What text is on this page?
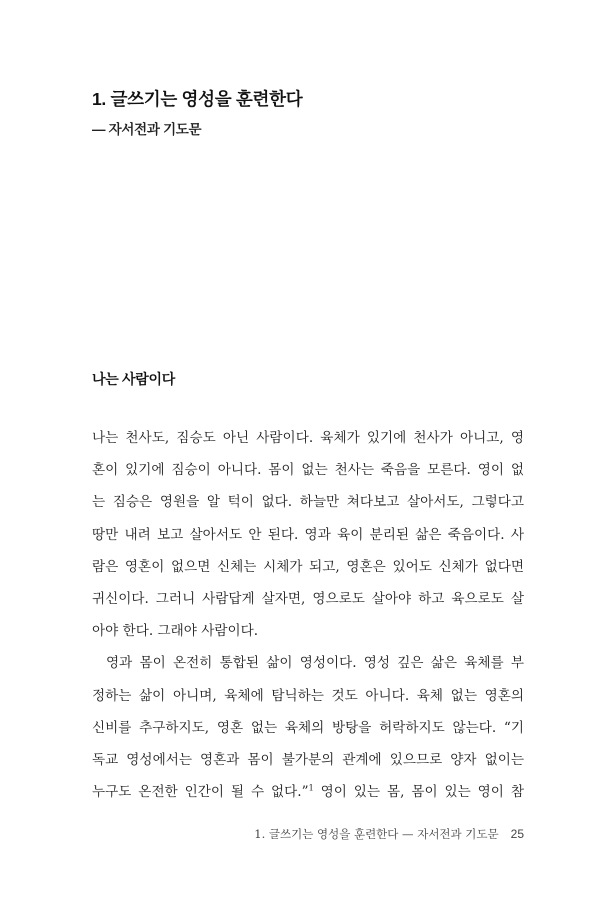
1. 글쓰기는 영성을 훈련한다
— 자서전과 기도문
나는 사람이다
나는 천사도, 짐승도 아닌 사람이다. 육체가 있기에 천사가 아니고, 영
혼이 있기에 짐승이 아니다. 몸이 없는 천사는 죽음을 모른다. 영이 없
는 짐승은 영원을 알 턱이 없다. 하늘만 쳐다보고 살아서도, 그렇다고
땅만 내려 보고 살아서도 안 된다. 영과 육이 분리된 삶은 죽음이다. 사
람은 영혼이 없으면 신체는 시체가 되고, 영혼은 있어도 신체가 없다면
귀신이다. 그러니 사람답게 살자면, 영으로도 살아야 하고 육으로도 살
아야 한다. 그래야 사람이다.
영과 몸이 온전히 통합된 삶이 영성이다. 영성 깊은 삶은 육체를 부
정하는 삶이 아니며, 육체에 탐닉하는 것도 아니다. 육체 없는 영혼의
신비를 추구하지도, 영혼 없는 육체의 방탕을 허락하지도 않는다. “기
독교 영성에서는 영혼과 몸이 불가분의 관계에 있으므로 양자 없이는
누구도 온전한 인간이 될 수 없다.”$^1$ 영이 있는 몸, 몸이 있는 영이 참
1. 글쓰기는 영성을 훈련한다 — 자서전과 기도문 25
